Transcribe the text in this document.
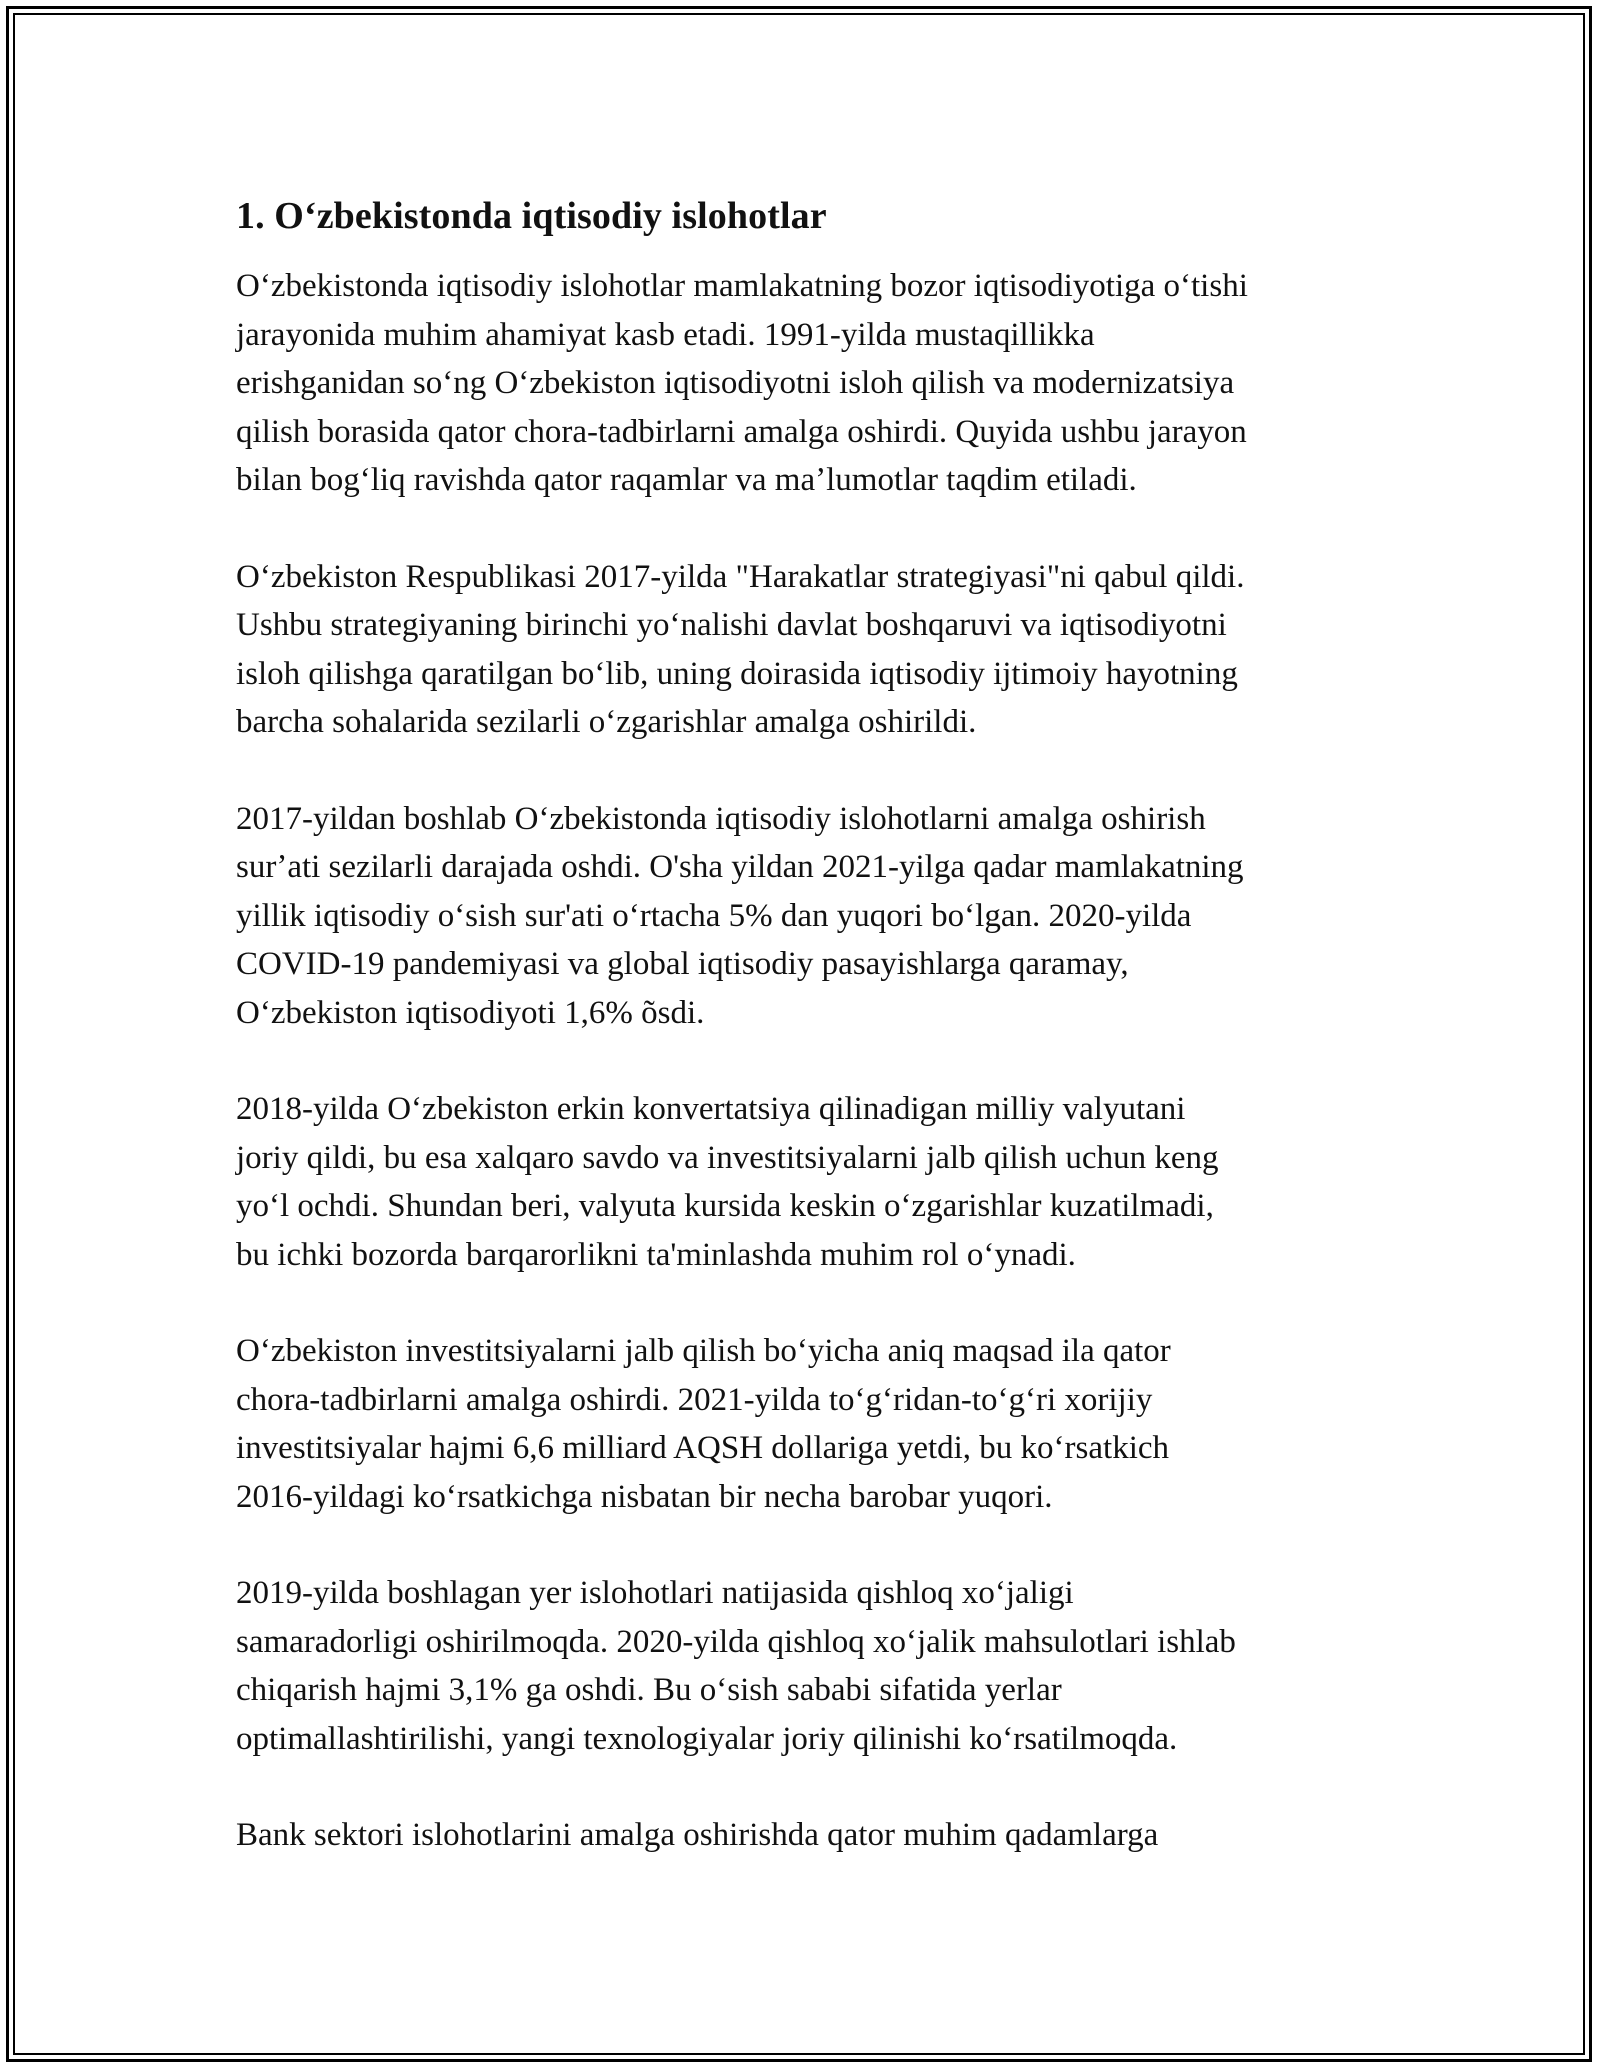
1. Oʻzbekistonda iqtisodiy islohotlar

Oʻzbekistonda iqtisodiy islohotlar mamlakatning bozor iqtisodiyotiga oʻtishi
jarayonida muhim ahamiyat kasb etadi. 1991-yilda mustaqillikka
erishganidan soʻng Oʻzbekiston iqtisodiyotni isloh qilish va modernizatsiya
qilish borasida qator chora-tadbirlarni amalga oshirdi. Quyida ushbu jarayon
bilan bogʻliq ravishda qator raqamlar va maʼlumotlar taqdim etiladi.

Oʻzbekiston Respublikasi 2017-yilda "Harakatlar strategiyasi"ni qabul qildi.
Ushbu strategiyaning birinchi yoʻnalishi davlat boshqaruvi va iqtisodiyotni
isloh qilishga qaratilgan boʻlib, uning doirasida iqtisodiy ijtimoiy hayotning
barcha sohalarida sezilarli oʻzgarishlar amalga oshirildi.

2017-yildan boshlab Oʻzbekistonda iqtisodiy islohotlarni amalga oshirish
surʼati sezilarli darajada oshdi. O'sha yildan 2021-yilga qadar mamlakatning
yillik iqtisodiy oʻsish sur'ati oʻrtacha 5% dan yuqori boʻlgan. 2020-yilda
COVID-19 pandemiyasi va global iqtisodiy pasayishlarga qaramay,
Oʻzbekiston iqtisodiyoti 1,6% õsdi.

2018-yilda Oʻzbekiston erkin konvertatsiya qilinadigan milliy valyutani
joriy qildi, bu esa xalqaro savdo va investitsiyalarni jalb qilish uchun keng
yoʻl ochdi. Shundan beri, valyuta kursida keskin oʻzgarishlar kuzatilmadi,
bu ichki bozorda barqarorlikni ta'minlashda muhim rol oʻynadi.

Oʻzbekiston investitsiyalarni jalb qilish boʻyicha aniq maqsad ila qator
chora-tadbirlarni amalga oshirdi. 2021-yilda toʻgʻridan-toʻgʻri xorijiy
investitsiyalar hajmi 6,6 milliard AQSH dollariga yetdi, bu koʻrsatkich
2016-yildagi koʻrsatkichga nisbatan bir necha barobar yuqori.

2019-yilda boshlagan yer islohotlari natijasida qishloq xoʻjaligi
samaradorligi oshirilmoqda. 2020-yilda qishloq xoʻjalik mahsulotlari ishlab
chiqarish hajmi 3,1% ga oshdi. Bu oʻsish sababi sifatida yerlar
optimallashtirilishi, yangi texnologiyalar joriy qilinishi koʻrsatilmoqda.

Bank sektori islohotlarini amalga oshirishda qator muhim qadamlarga
